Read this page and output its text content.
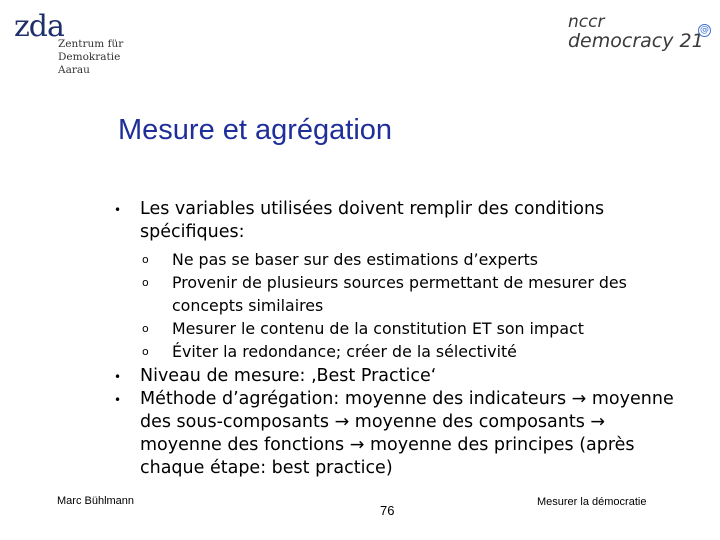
zda
Zentrum für
Demokratie
Aarau
nccr
democracy 21
@
Mesure et agrégation

• Les variables utilisées doivent remplir des conditions spécifiques:

o Ne pas se baser sur des estimations d’experts

o Provenir de plusieurs sources permettant de mesurer des concepts similaires

o Mesurer le contenu de la constitution ET son impact

o Éviter la redondance; créer de la sélectivité

• Niveau de mesure: ‚Best Practice‘

• Méthode d’agrégation: moyenne des indicateurs → moyenne des sous-composants → moyenne des composants → moyenne des fonctions → moyenne des principes (après chaque étape: best practice)

Marc Bühlmann
76
Mesurer la démocratie
